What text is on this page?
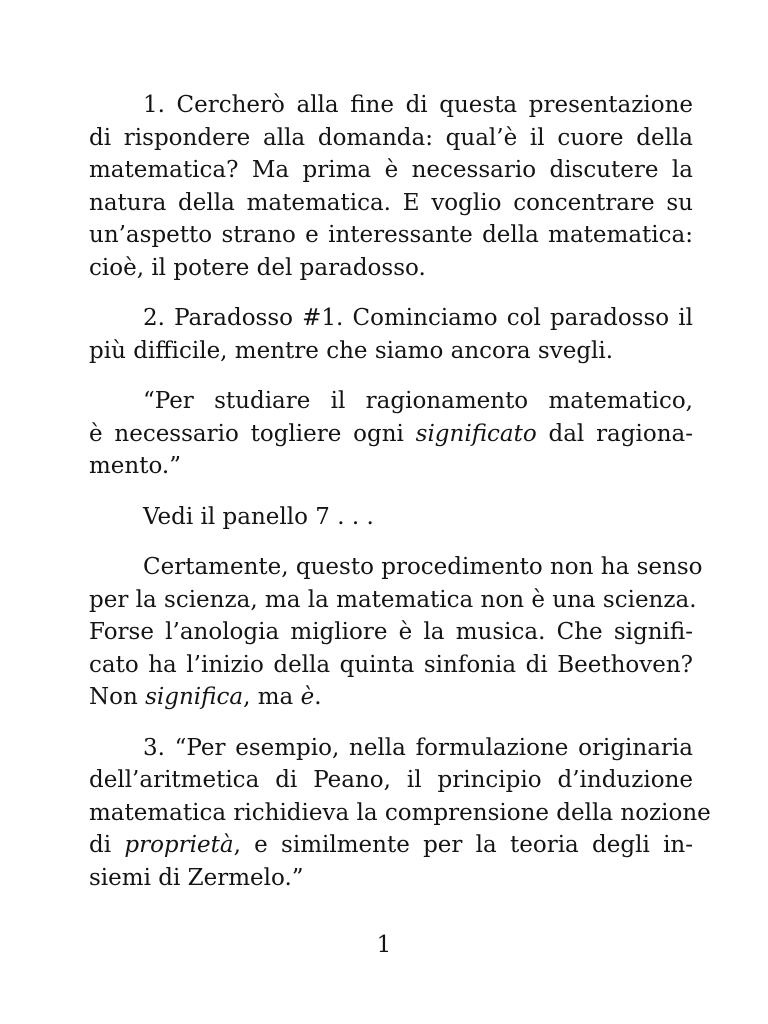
1. Cercherò alla fine di questa presentazione
di rispondere alla domanda: qual’è il cuore della
matematica? Ma prima è necessario discutere la
natura della matematica. E voglio concentrare su
un’aspetto strano e interessante della matematica:
cioè, il potere del paradosso.

2. Paradosso #1. Cominciamo col paradosso il
più difficile, mentre che siamo ancora svegli.

“Per studiare il ragionamento matematico,
è necessario togliere ogni significato dal ragiona-
mento.”

Vedi il panello 7 . . .

Certamente, questo procedimento non ha senso
per la scienza, ma la matematica non è una scienza.
Forse l’anologia migliore è la musica. Che signifi-
cato ha l’inizio della quinta sinfonia di Beethoven?
Non significa, ma è.

3. “Per esempio, nella formulazione originaria
dell’aritmetica di Peano, il principio d’induzione
matematica richidieva la comprensione della nozione
di proprietà, e similmente per la teoria degli in-
siemi di Zermelo.”

1
